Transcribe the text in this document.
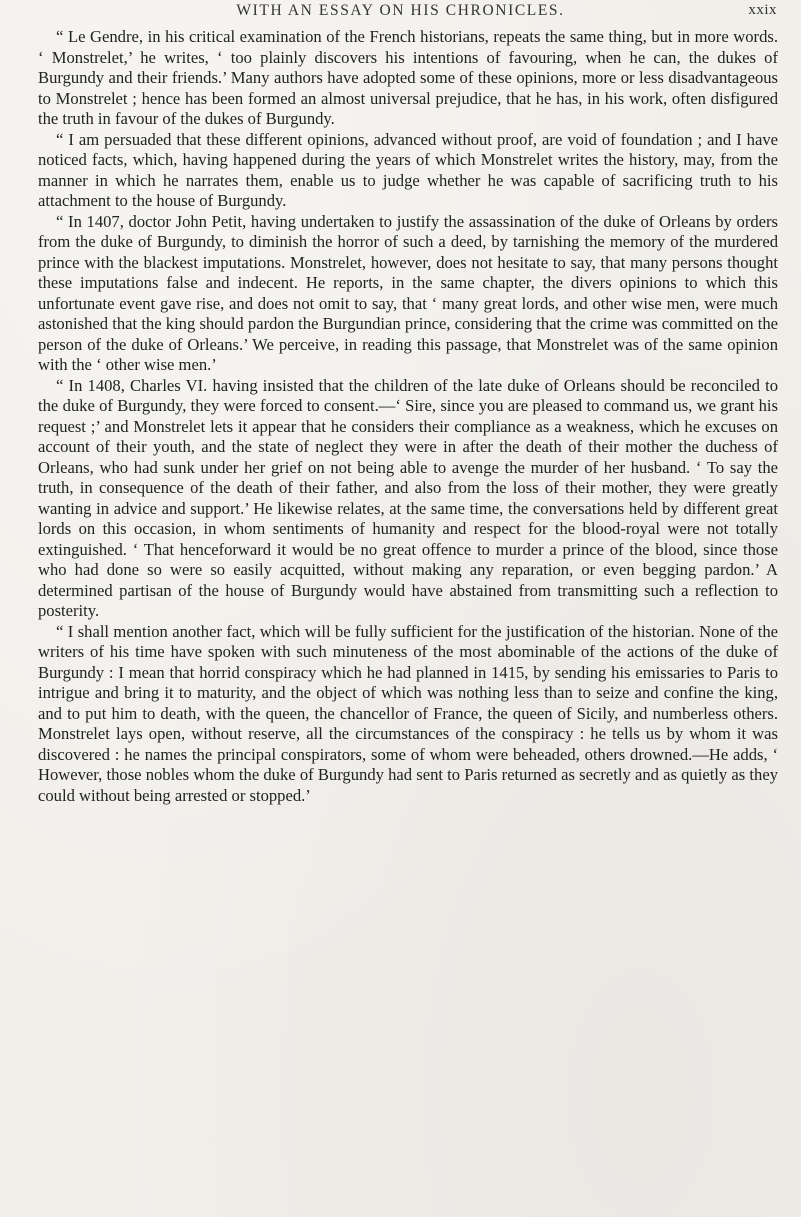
WITH AN ESSAY ON HIS CHRONICLES.	xxix

“ Le Gendre, in his critical examination of the French historians, repeats the same thing, but in more words. ‘ Monstrelet,’ he writes, ‘ too plainly discovers his intentions of favouring, when he can, the dukes of Burgundy and their friends.’ Many authors have adopted some of these opinions, more or less disadvantageous to Monstrelet ; hence has been formed an almost universal prejudice, that he has, in his work, often disfigured the truth in favour of the dukes of Burgundy.

“ I am persuaded that these different opinions, advanced without proof, are void of foundation ; and I have noticed facts, which, having happened during the years of which Monstrelet writes the history, may, from the manner in which he narrates them, enable us to judge whether he was capable of sacrificing truth to his attachment to the house of Burgundy.

“ In 1407, doctor John Petit, having undertaken to justify the assassination of the duke of Orleans by orders from the duke of Burgundy, to diminish the horror of such a deed, by tarnishing the memory of the murdered prince with the blackest imputations. Monstrelet, however, does not hesitate to say, that many persons thought these imputations false and indecent. He reports, in the same chapter, the divers opinions to which this unfortunate event gave rise, and does not omit to say, that ‘ many great lords, and other wise men, were much astonished that the king should pardon the Burgundian prince, considering that the crime was committed on the person of the duke of Orleans.’ We perceive, in reading this passage, that Monstrelet was of the same opinion with the ‘ other wise men.’

“ In 1408, Charles VI. having insisted that the children of the late duke of Orleans should be reconciled to the duke of Burgundy, they were forced to consent.—‘ Sire, since you are pleased to command us, we grant his request ;’ and Monstrelet lets it appear that he considers their compliance as a weakness, which he excuses on account of their youth, and the state of neglect they were in after the death of their mother the duchess of Orleans, who had sunk under her grief on not being able to avenge the murder of her husband. ‘ To say the truth, in consequence of the death of their father, and also from the loss of their mother, they were greatly wanting in advice and support.’ He likewise relates, at the same time, the conversations held by different great lords on this occasion, in whom sentiments of humanity and respect for the blood-royal were not totally extinguished. ‘ That henceforward it would be no great offence to murder a prince of the blood, since those who had done so were so easily acquitted, without making any reparation, or even begging pardon.’ A determined partisan of the house of Burgundy would have abstained from transmitting such a reflection to posterity.

“ I shall mention another fact, which will be fully sufficient for the justification of the historian. None of the writers of his time have spoken with such minuteness of the most abominable of the actions of the duke of Burgundy : I mean that horrid conspiracy which he had planned in 1415, by sending his emissaries to Paris to intrigue and bring it to maturity, and the object of which was nothing less than to seize and confine the king, and to put him to death, with the queen, the chancellor of France, the queen of Sicily, and numberless others. Monstrelet lays open, without reserve, all the circumstances of the conspiracy : he tells us by whom it was discovered : he names the principal conspirators, some of whom were beheaded, others drowned.—He adds, ‘ However, those nobles whom the duke of Burgundy had sent to Paris returned as secretly and as quietly as they could without being arrested or stopped.’
